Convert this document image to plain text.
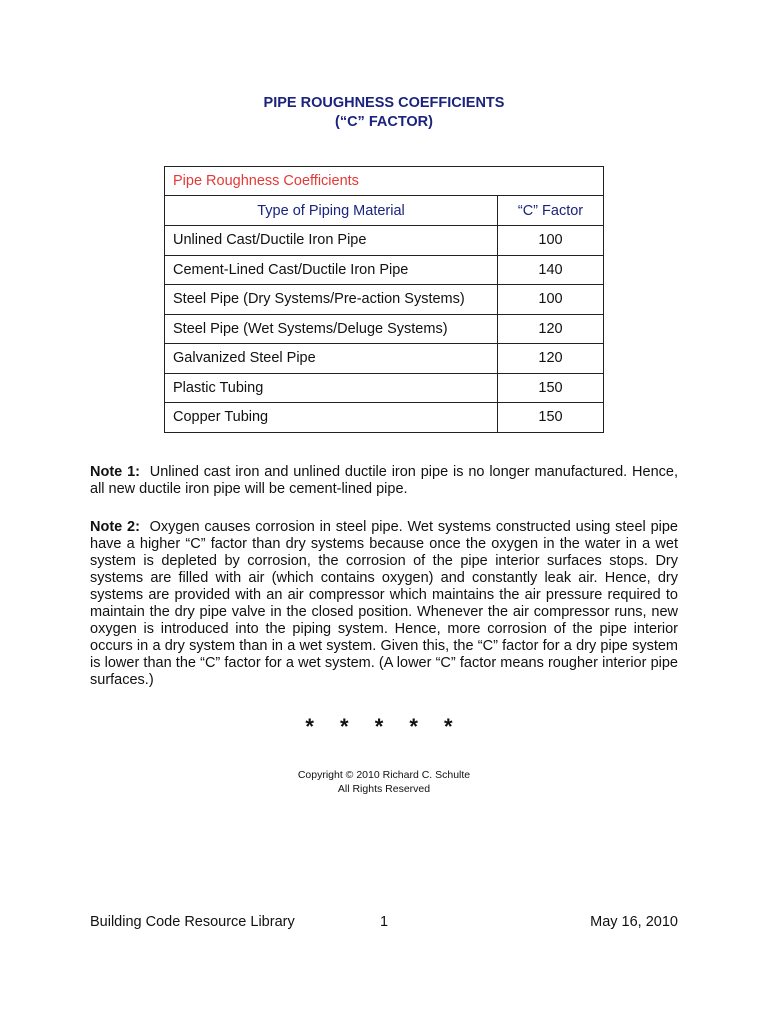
PIPE ROUGHNESS COEFFICIENTS
(“C” FACTOR)
Pipe Roughness Coefficients	
Type of Piping Material	“C” Factor
Unlined Cast/Ductile Iron Pipe	100
Cement-Lined Cast/Ductile Iron Pipe	140
Steel Pipe (Dry Systems/Pre-action Systems)	100
Steel Pipe (Wet Systems/Deluge Systems)	120
Galvanized Steel Pipe	120
Plastic Tubing	150
Copper Tubing	150
Note 1: Unlined cast iron and unlined ductile iron pipe is no longer manufactured. Hence, all new ductile iron pipe will be cement-lined pipe.
Note 2: Oxygen causes corrosion in steel pipe. Wet systems constructed using steel pipe have a higher “C” factor than dry systems because once the oxygen in the water in a wet system is depleted by corrosion, the corrosion of the pipe interior surfaces stops. Dry systems are filled with air (which contains oxygen) and constantly leak air. Hence, dry systems are provided with an air compressor which maintains the air pressure required to maintain the dry pipe valve in the closed position. Whenever the air compressor runs, new oxygen is introduced into the piping system. Hence, more corrosion of the pipe interior occurs in a dry system than in a wet system. Given this, the “C” factor for a dry pipe system is lower than the “C” factor for a wet system. (A lower “C” factor means rougher interior pipe surfaces.)
* * * * *
Copyright © 2010 Richard C. Schulte
All Rights Reserved
Building Code Resource Library	1	May 16, 2010
